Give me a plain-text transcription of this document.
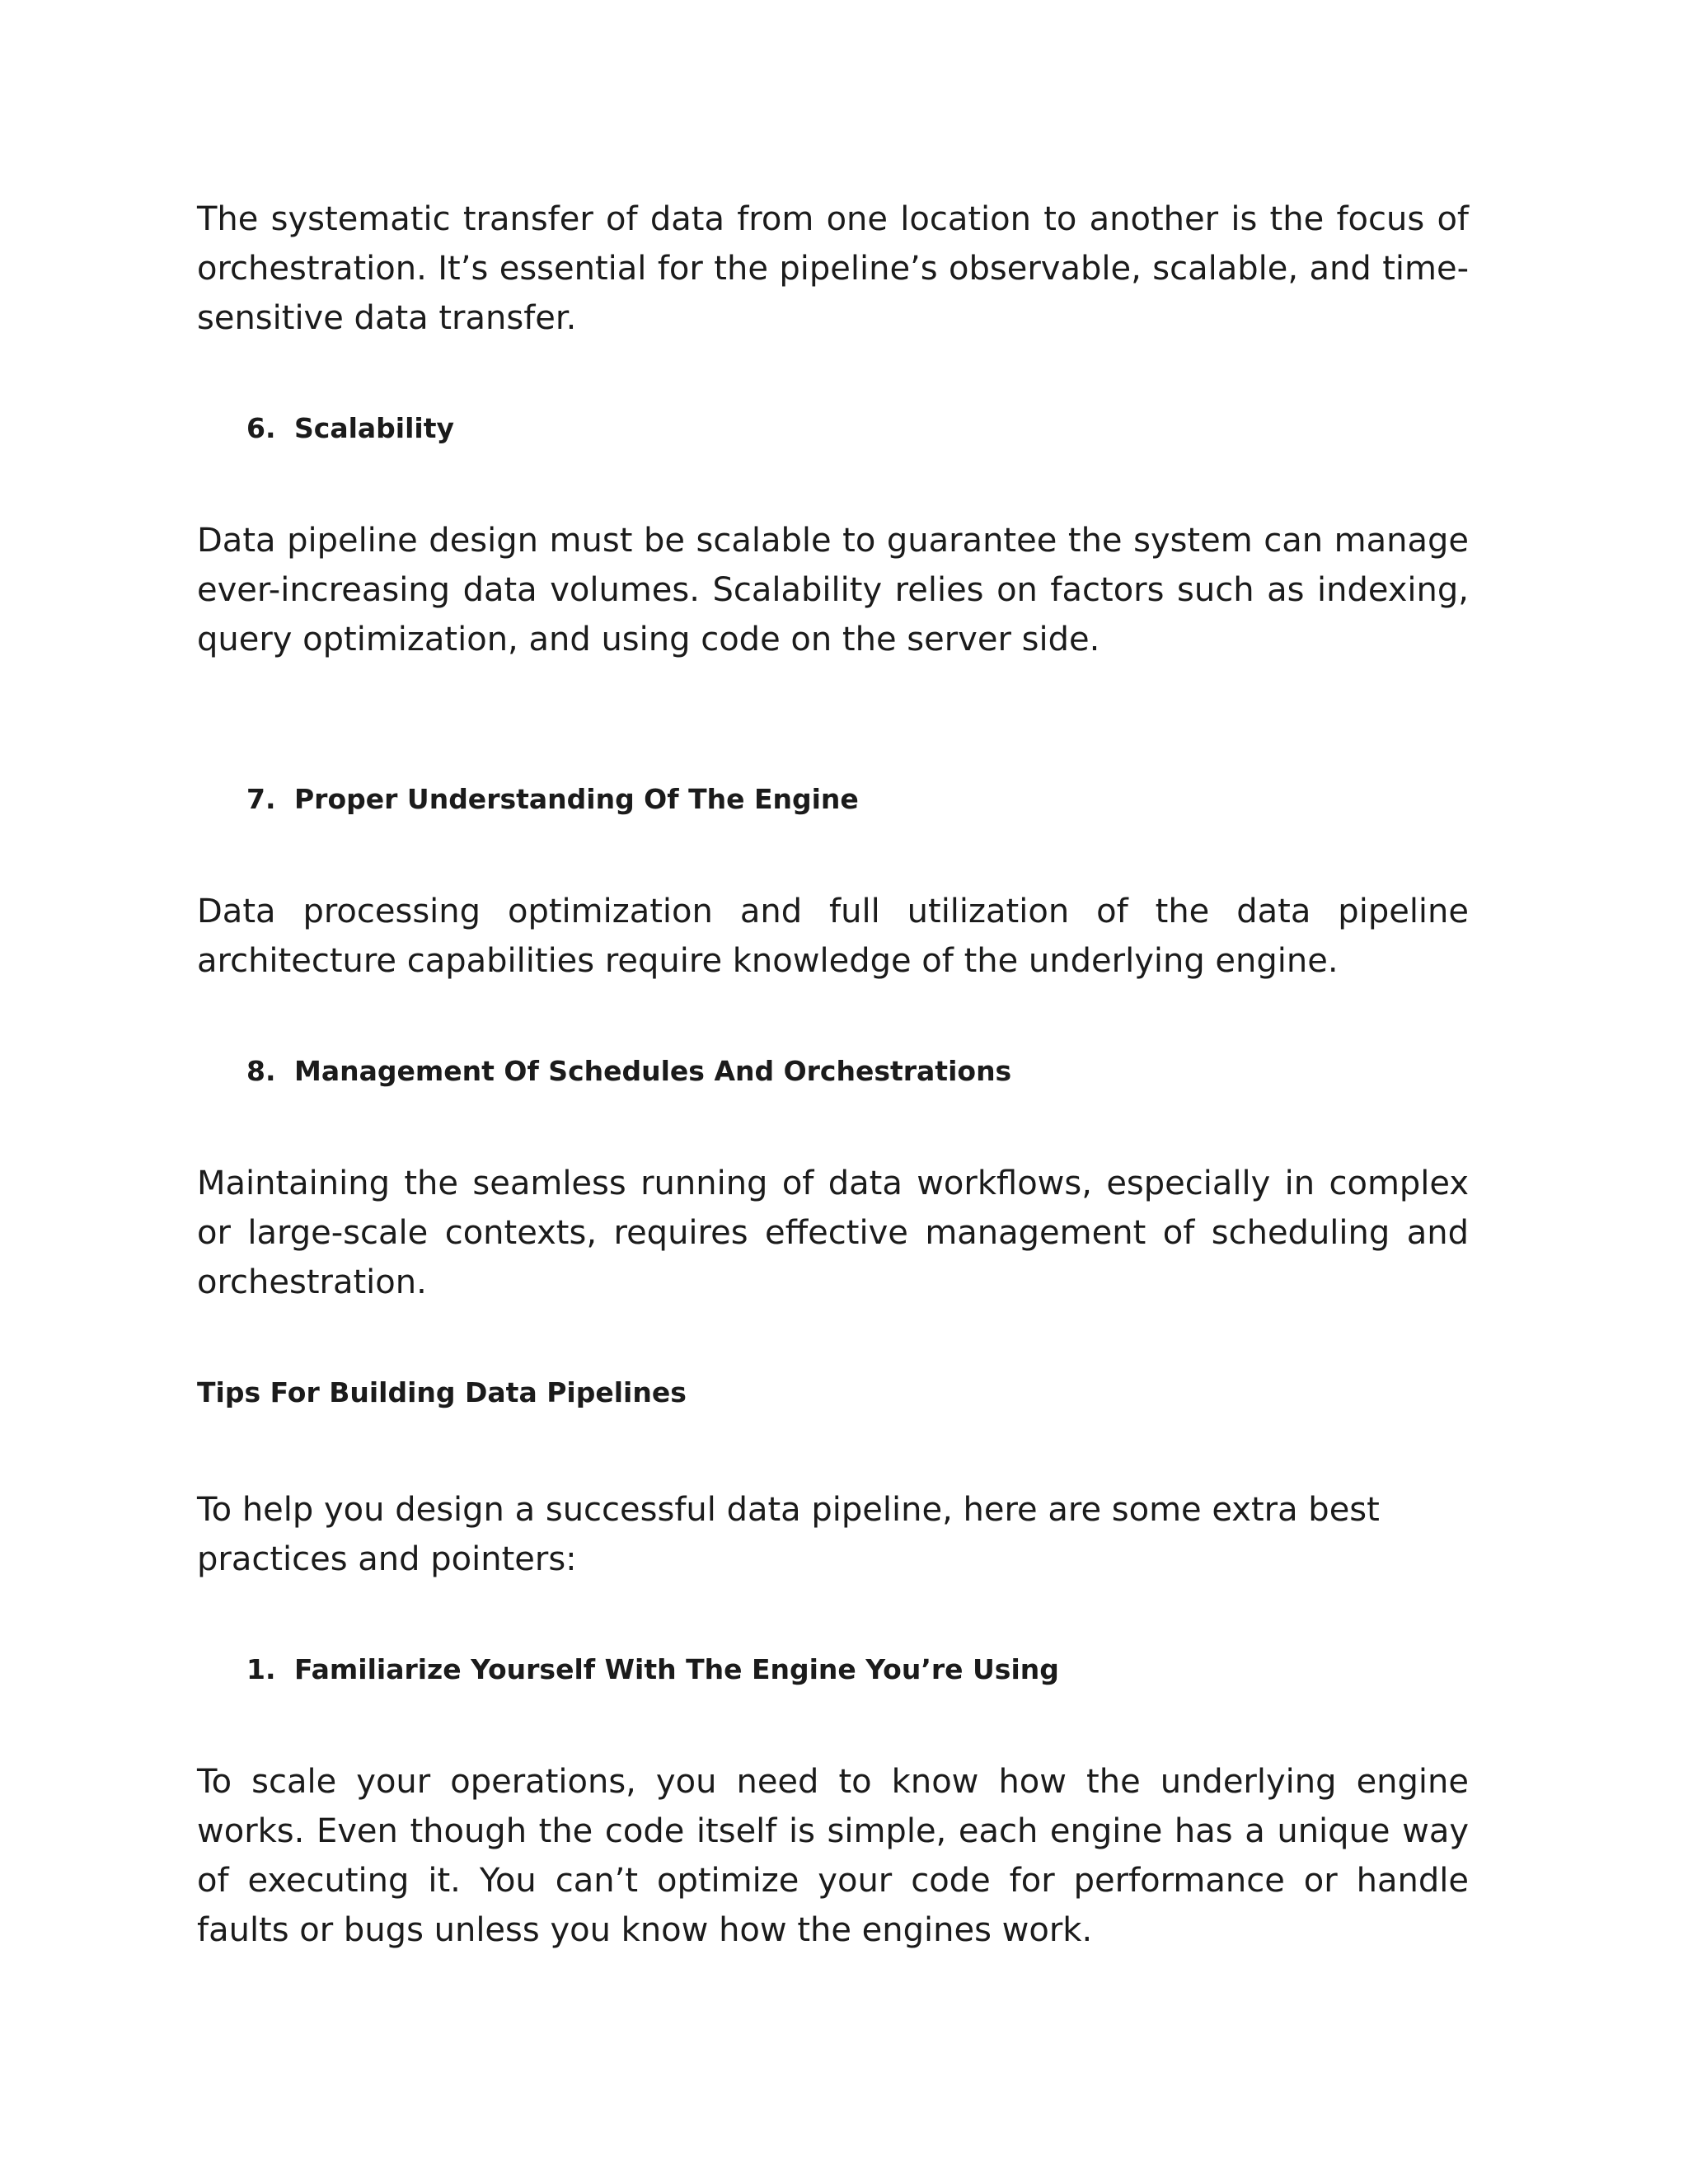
The systematic transfer of data from one location to another is the focus of orchestration. It’s essential for the pipeline’s observable, scalable, and time-sensitive data transfer.

6. Scalability

Data pipeline design must be scalable to guarantee the system can manage ever-increasing data volumes. Scalability relies on factors such as indexing, query optimization, and using code on the server side.

7. Proper Understanding Of The Engine

Data processing optimization and full utilization of the data pipeline architecture capabilities require knowledge of the underlying engine.

8. Management Of Schedules And Orchestrations

Maintaining the seamless running of data workflows, especially in complex or large-scale contexts, requires effective management of scheduling and orchestration.

Tips For Building Data Pipelines

To help you design a successful data pipeline, here are some extra best practices and pointers:

1. Familiarize Yourself With The Engine You’re Using

To scale your operations, you need to know how the underlying engine works. Even though the code itself is simple, each engine has a unique way of executing it. You can’t optimize your code for performance or handle faults or bugs unless you know how the engines work.
